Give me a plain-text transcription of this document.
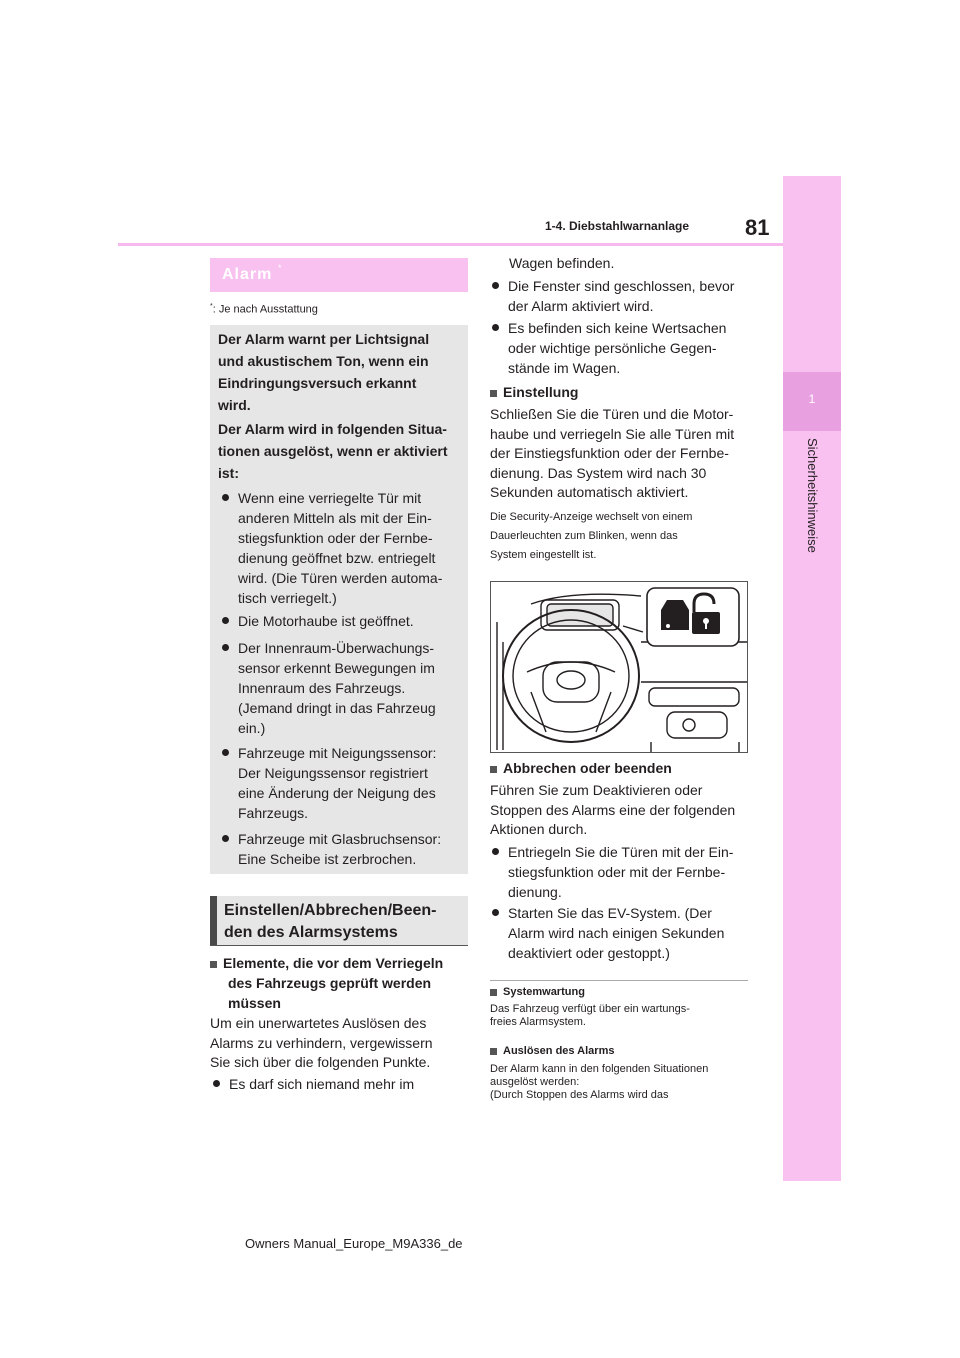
1
Sicherheitshinweise
1-4. Diebstahlwarnanlage	81
Alarm *
*: Je nach Ausstattung
Der Alarm warnt per Lichtsignal
und akustischem Ton, wenn ein
Eindringungsversuch erkannt
wird.
Der Alarm wird in folgenden Situa-
tionen ausgelöst, wenn er aktiviert
ist:
Wenn eine verriegelte Tür mit
anderen Mitteln als mit der Ein-
stiegsfunktion oder der Fernbe-
dienung geöffnet bzw. entriegelt
wird. (Die Türen werden automa-
tisch verriegelt.)
Die Motorhaube ist geöffnet.
Der Innenraum-Überwachungs-
sensor erkennt Bewegungen im
Innenraum des Fahrzeugs.
(Jemand dringt in das Fahrzeug
ein.)
Fahrzeuge mit Neigungssensor:
Der Neigungssensor registriert
eine Änderung der Neigung des
Fahrzeugs.
Fahrzeuge mit Glasbruchsensor:
Eine Scheibe ist zerbrochen.
Einstellen/Abbrechen/Been-
den des Alarmsystems
Elemente, die vor dem Verriegeln
des Fahrzeugs geprüft werden
müssen
Um ein unerwartetes Auslösen des
Alarms zu verhindern, vergewissern
Sie sich über die folgenden Punkte.
Es darf sich niemand mehr im
Wagen befinden.
Die Fenster sind geschlossen, bevor
der Alarm aktiviert wird.
Es befinden sich keine Wertsachen
oder wichtige persönliche Gegen-
stände im Wagen.
Einstellung
Schließen Sie die Türen und die Motor-
haube und verriegeln Sie alle Türen mit
der Einstiegsfunktion oder der Fernbe-
dienung. Das System wird nach 30
Sekunden automatisch aktiviert.
Die Security-Anzeige wechselt von einem
Dauerleuchten zum Blinken, wenn das
System eingestellt ist.
Abbrechen oder beenden
Führen Sie zum Deaktivieren oder
Stoppen des Alarms eine der folgenden
Aktionen durch.
Entriegeln Sie die Türen mit der Ein-
stiegsfunktion oder mit der Fernbe-
dienung.
Starten Sie das EV-System. (Der
Alarm wird nach einigen Sekunden
deaktiviert oder gestoppt.)
Systemwartung
Das Fahrzeug verfügt über ein wartungs-
freies Alarmsystem.
Auslösen des Alarms
Der Alarm kann in den folgenden Situationen
ausgelöst werden:
(Durch Stoppen des Alarms wird das
Owners Manual_Europe_M9A336_de
